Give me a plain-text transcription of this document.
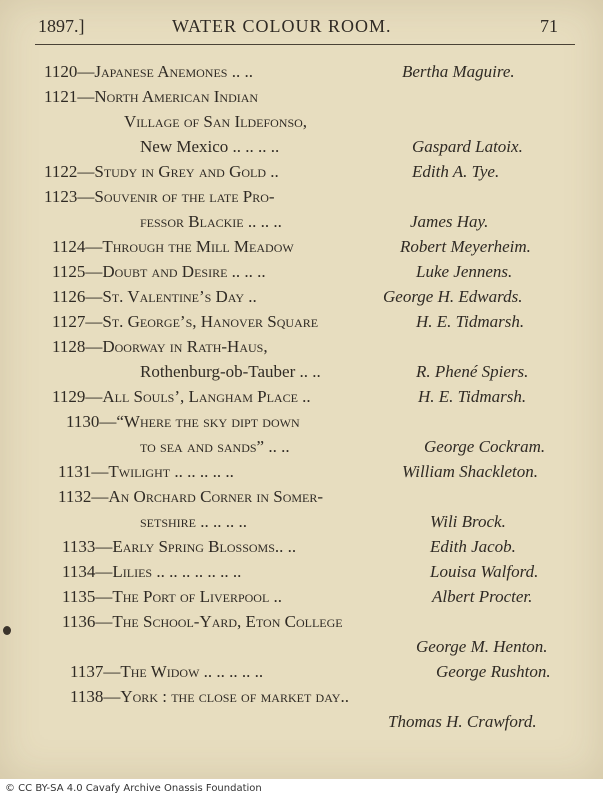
1897.]	WATER COLOUR ROOM.	71
1120—Japanese Anemones .. ..	Bertha Maguire.
1121—North American Indian
Village of San Ildefonso,
New Mexico .. .. .. ..	Gaspard Latoix.
1122—Study in Grey and Gold ..	Edith A. Tye.
1123—Souvenir of the late Pro-
fessor Blackie .. .. ..	James Hay.
1124—Through the Mill Meadow	Robert Meyerheim.
1125—Doubt and Desire .. .. ..	Luke Jennens.
1126—St. Valentine’s Day ..	George H. Edwards.
1127—St. George’s, Hanover Square	H. E. Tidmarsh.
1128—Doorway in Rath-Haus,
Rothenburg-ob-Tauber .. ..	R. Phené Spiers.
1129—All Souls’, Langham Place ..	H. E. Tidmarsh.
1130—“Where the sky dipt down
to sea and sands” .. ..	George Cockram.
1131—Twilight .. .. .. .. ..	William Shackleton.
1132—An Orchard Corner in Somer-
setshire .. .. .. ..	Wili Brock.
1133—Early Spring Blossoms.. ..	Edith Jacob.
1134—Lilies .. .. .. .. .. .. ..	Louisa Walford.
1135—The Port of Liverpool ..	Albert Procter.
1136—The School-Yard, Eton College
George M. Henton.
1137—The Widow .. .. .. .. ..	George Rushton.
1138—York : the close of market day..
Thomas H. Crawford.
© CC BY-SA 4.0 Cavafy Archive Onassis Foundation
